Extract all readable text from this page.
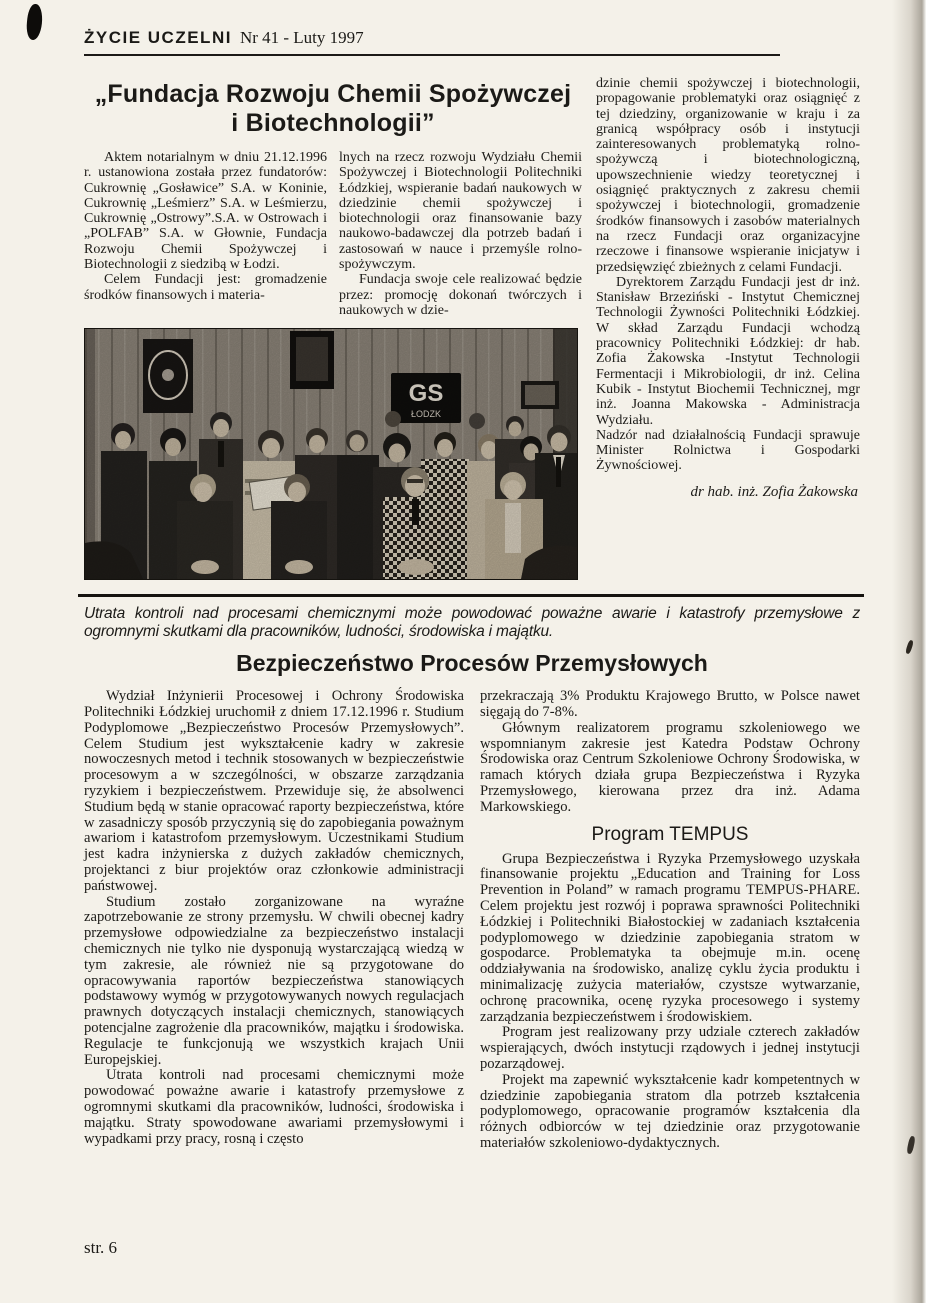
ŻYCIE UCZELNI Nr 41 - Luty 1997
„Fundacja Rozwoju Chemii Spożywczej i Biotechnologii”

Aktem notarialnym w dniu 21.12.1996 r. ustanowiona została przez fundatorów: Cukrownię „Gosławice” S.A. w Koninie, Cukrownię „Leśmierz” S.A. w Leśmierzu, Cukrownię „Ostrowy”.S.A. w Ostrowach i „POLFAB” S.A. w Głownie, Fundacja Rozwoju Chemii Spożywczej i Biotechnologii z siedzibą w Łodzi.

Celem Fundacji jest: gromadzenie środków finansowych i materia-

lnych na rzecz rozwoju Wydziału Chemii Spożywczej i Biotechnologii Politechniki Łódzkiej, wspieranie badań naukowych w dziedzinie chemii spożywczej i biotechnologii oraz finansowanie bazy naukowo-badawczej dla potrzeb badań i zastosowań w nauce i przemyśle rolno-spożywczym.

Fundacja swoje cele realizować będzie przez: promocję dokonań twórczych i naukowych w dzie-

GS
ŁODZK

dzinie chemii spożywczej i biotechnologii, propagowanie problematyki oraz osiągnięć z tej dziedziny, organizowanie w kraju i za granicą współpracy osób i instytucji zainteresowanych problematyką rolno-spożywczą i biotechnologiczną, upowszechnienie wiedzy teoretycznej i osiągnięć praktycznych z zakresu chemii spożywczej i biotechnologii, gromadzenie środków finansowych i zasobów materialnych na rzecz Fundacji oraz organizacyjne rzeczowe i finansowe wspieranie inicjatyw i przedsięwzięć zbieżnych z celami Fundacji.

Dyrektorem Zarządu Fundacji jest dr inż. Stanisław Brzeziński - Instytut Chemicznej Technologii Żywności Politechniki Łódzkiej. W skład Zarządu Fundacji wchodzą pracownicy Politechniki Łódzkiej: dr hab. Zofia Żakowska -Instytut Technologii Fermentacji i Mikrobiologii, dr inż. Celina Kubik - Instytut Biochemii Technicznej, mgr inż. Joanna Makowska - Administracja Wydziału.

Nadzór nad działalnością Fundacji sprawuje Minister Rolnictwa i Gospodarki Żywnościowej.

dr hab. inż. Zofia Żakowska

Utrata kontroli nad procesami chemicznymi może powodować poważne awarie i katastrofy przemysłowe z ogromnymi skutkami dla pracowników, ludności, środowiska i majątku.

Bezpieczeństwo Procesów Przemysłowych

Wydział Inżynierii Procesowej i Ochrony Środowiska Politechniki Łódzkiej uruchomił z dniem 17.12.1996 r. Studium Podyplomowe „Bezpieczeństwo Procesów Przemysłowych”. Celem Studium jest wykształcenie kadry w zakresie nowoczesnych metod i technik stosowanych w bezpieczeństwie procesowym a w szczególności, w obszarze zarządzania ryzykiem i bezpieczeństwem. Przewiduje się, że absolwenci Studium będą w stanie opracować raporty bezpieczeństwa, które w zasadniczy sposób przyczynią się do zapobiegania poważnym awariom i katastrofom przemysłowym. Uczestnikami Studium jest kadra inżynierska z dużych zakładów chemicznych, projektanci z biur projektów oraz członkowie administracji państwowej.

Studium zostało zorganizowane na wyraźne zapotrzebowanie ze strony przemysłu. W chwili obecnej kadry przemysłowe odpowiedzialne za bezpieczeństwo instalacji chemicznych nie tylko nie dysponują wystarczającą wiedzą w tym zakresie, ale również nie są przygotowane do opracowywania raportów bezpieczeństwa stanowiących podstawowy wymóg w przygotowywanych nowych regulacjach prawnych dotyczących instalacji chemicznych, stanowiących potencjalne zagrożenie dla pracowników, majątku i środowiska. Regulacje te funkcjonują we wszystkich krajach Unii Europejskiej.

Utrata kontroli nad procesami chemicznymi może powodować poważne awarie i katastrofy przemysłowe z ogromnymi skutkami dla pracowników, ludności, środowiska i majątku. Straty spowodowane awariami przemysłowymi i wypadkami przy pracy, rosną i często

przekraczają 3% Produktu Krajowego Brutto, w Polsce nawet sięgają do 7-8%.

Głównym realizatorem programu szkoleniowego we wspomnianym zakresie jest Katedra Podstaw Ochrony Środowiska oraz Centrum Szkoleniowe Ochrony Środowiska, w ramach których działa grupa Bezpieczeństwa i Ryzyka Przemysłowego, kierowana przez dra inż. Adama Markowskiego.

Program TEMPUS

Grupa Bezpieczeństwa i Ryzyka Przemysłowego uzyskała finansowanie projektu „Education and Training for Loss Prevention in Poland” w ramach programu TEMPUS-PHARE. Celem projektu jest rozwój i poprawa sprawności Politechniki Łódzkiej i Politechniki Białostockiej w zadaniach kształcenia podyplomowego w dziedzinie zapobiegania stratom w gospodarce. Problematyka ta obejmuje m.in. ocenę oddziaływania na środowisko, analizę cyklu życia produktu i minimalizację zużycia materiałów, czystsze wytwarzanie, ochronę pracownika, ocenę ryzyka procesowego i systemy zarządzania bezpieczeństwem i środowiskiem.

Program jest realizowany przy udziale czterech zakładów wspierających, dwóch instytucji rządowych i jednej instytucji pozarządowej.

Projekt ma zapewnić wykształcenie kadr kompetentnych w dziedzinie zapobiegania stratom dla potrzeb kształcenia podyplomowego, opracowanie programów kształcenia dla różnych odbiorców w tej dziedzinie oraz przygotowanie materiałów szkoleniowo-dydaktycznych.

str. 6
